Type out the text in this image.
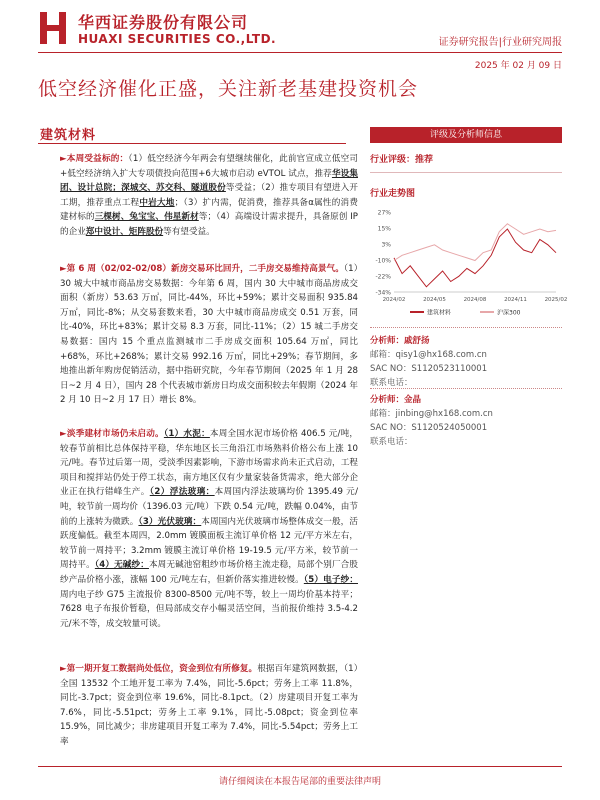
华西证券股份有限公司
HUAXI SECURITIES CO.,LTD.	证券研究报告|行业研究周报
2025 年 02 月 09 日
低空经济催化正盛，关注新老基建投资机会
建筑材料
►本周受益标的：（1）低空经济今年两会有望继续催化，此前官宣成立低空司+低空经济纳入扩大专项债投向范围+6大城市启动 eVTOL 试点，推荐华设集团、设计总院；深城交、苏交科、隧道股份等受益；（2）推专项目有望进入开工期，推荐重点工程中岩大地；（3）扩内需，促消费，推荐具备α属性的消费建材标的三棵树、兔宝宝、伟星新材等；（4）高端设计需求提升，具备原创 IP 的企业郑中设计、矩阵股份等有望受益。
►第 6 周（02/02-02/08）新房交易环比回升，二手房交易维持高景气。（1）30 城大中城市商品房交易数据：今年第 6 周，国内 30 大中城市商品房成交面积（新房）53.63 万㎡，同比-44%，环比+59%；累计交易面积 935.84 万㎡，同比-8%；从交易套数来看，30 大中城市商品房成交 0.51 万套，同比-40%，环比+83%；累计交易 8.3 万套，同比-11%；（2）15 城二手房交易数据：国内 15 个重点监测城市二手房成交面积 105.64 万㎡，同比+68%，环比+268%；累计交易 992.16 万㎡，同比+29%；春节期间，多地推出新年购房促销活动，据中指研究院，今年春节期间（2025 年 1 月 28 日~2 月 4 日），国内 28 个代表城市新房日均成交面积较去年假期（2024 年 2 月 10 日~2 月 17 日）增长 8%。
►淡季建材市场仍未启动。（1）水泥：本周全国水泥市场价格 406.5 元/吨，较春节前相比总体保持平稳，华东地区长三角沿江市场熟料价格公布上涨 10 元/吨。春节过后第一周，受淡季因素影响，下游市场需求尚未正式启动，工程项目和搅拌站仍处于停工状态，南方地区仅有少量家装备货需求，绝大部分企业正在执行错峰生产。（2）浮法玻璃：本周国内浮法玻璃均价 1395.49 元/吨，较节前一周均价（1396.03 元/吨）下跌 0.54 元/吨，跌幅 0.04%，由节前的上涨转为微跌。（3）光伏玻璃：本周国内光伏玻璃市场整体成交一般，活跃度偏低。截至本周四，2.0mm 镀膜面板主流订单价格 12 元/平方米左右，较节前一周持平；3.2mm 镀膜主流订单价格 19-19.5 元/平方米，较节前一周持平。（4）无碱纱：本周无碱池窑粗纱市场价格主流走稳，局部个别厂合股纱产品价格小涨，涨幅 100 元/吨左右，但新价落实推进较慢。（5）电子纱：周内电子纱 G75 主流报价 8300-8500 元/吨不等，较上一周均价基本持平；7628 电子布报价暂稳，但局部成交存小幅灵活空间，当前报价维持 3.5-4.2 元/米不等，成交较量可谈。
►第一期开复工数据尚处低位，资金到位有所修复。根据百年建筑网数据，（1）全国 13532 个工地开复工率为 7.4%，同比-5.6pct；劳务上工率 11.8%，同比-3.7pct；资金到位率 19.6%，同比-8.1pct。（2）房建项目开复工率为 7.6%，同比-5.51pct；劳务上工率 9.1%，同比-5.08pct；资金到位率 15.9%，同比减少；非房建项目开复工率为 7.4%，同比-5.54pct；劳务上工率
评级及分析师信息
行业评级：推荐
行业走势图
27%
15%
3%
-10%
-22%
-34%
2024/02	2024/05	2024/08	2024/11	2025/02
建筑材料	沪深300
分析师：戚舒扬
邮箱：qisy1@hx168.com.cn
SAC NO：S1120523110001
联系电话：
分析师：金晶
邮箱：jinbing@hx168.com.cn
SAC NO：S1120524050001
联系电话：
请仔细阅读在本报告尾部的重要法律声明
